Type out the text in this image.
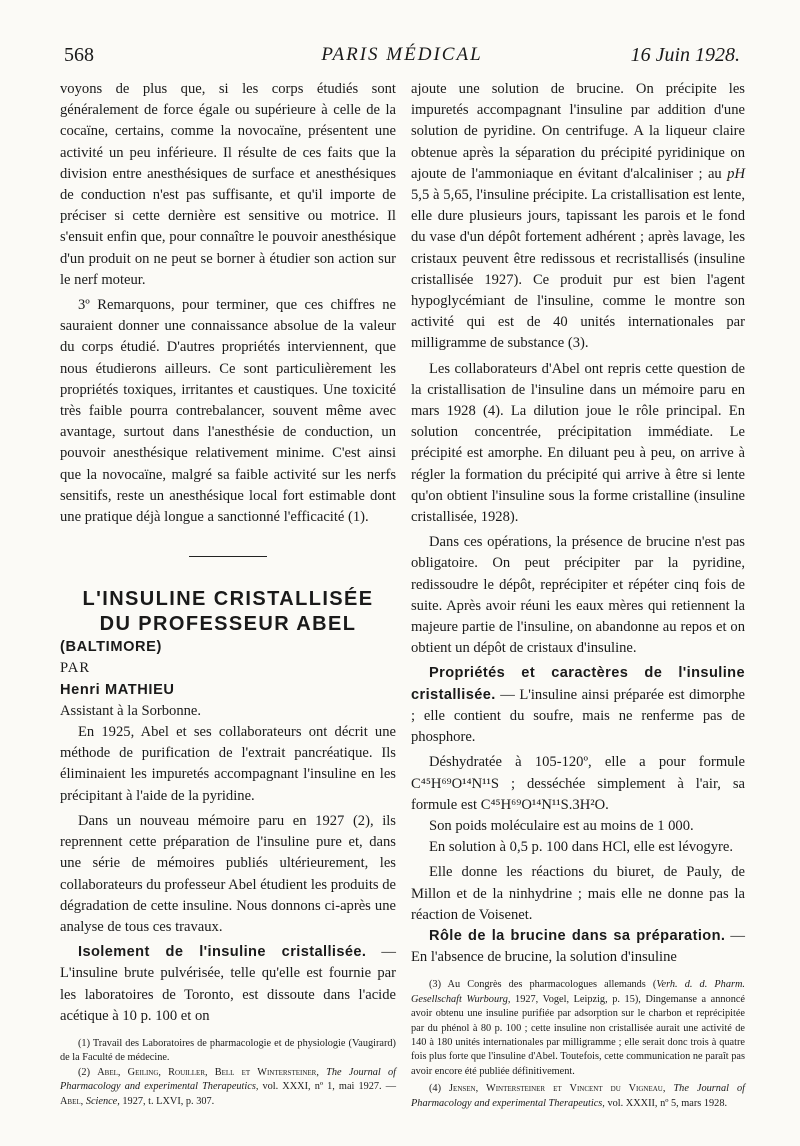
568	PARIS MÉDICAL	16 Juin 1928.

voyons de plus que, si les corps étudiés sont généralement de force égale ou supérieure à celle de la cocaïne, certains, comme la novocaïne, présentent une activité un peu inférieure. Il résulte de ces faits que la division entre anesthésiques de surface et anesthésiques de conduction n'est pas suffisante, et qu'il importe de préciser si cette dernière est sensitive ou motrice. Il s'ensuit enfin que, pour connaître le pouvoir anesthésique d'un produit on ne peut se borner à étudier son action sur le nerf moteur.

3º Remarquons, pour terminer, que ces chiffres ne sauraient donner une connaissance absolue de la valeur du corps étudié. D'autres propriétés interviennent, que nous étudierons ailleurs. Ce sont particulièrement les propriétés toxiques, irritantes et caustiques. Une toxicité très faible pourra contrebalancer, souvent même avec avantage, surtout dans l'anesthésie de conduction, un pouvoir anesthésique relativement minime. C'est ainsi que la novocaïne, malgré sa faible activité sur les nerfs sensitifs, reste un anesthésique local fort estimable dont une pratique déjà longue a sanctionné l'efficacité (1).

L'INSULINE CRISTALLISÉE
DU PROFESSEUR ABEL

(BALTIMORE)

PAR

Henri MATHIEU

Assistant à la Sorbonne.

En 1925, Abel et ses collaborateurs ont décrit une méthode de purification de l'extrait pancréatique. Ils éliminaient les impuretés accompagnant l'insuline en les précipitant à l'aide de la pyridine.

Dans un nouveau mémoire paru en 1927 (2), ils reprennent cette préparation de l'insuline pure et, dans une série de mémoires publiés ultérieurement, les collaborateurs du professeur Abel étudient les produits de dégradation de cette insuline. Nous donnons ci-après une analyse de tous ces travaux.

Isolement de l'insuline cristallisée. — L'insuline brute pulvérisée, telle qu'elle est fournie par les laboratoires de Toronto, est dissoute dans l'acide acétique à 10 p. 100 et on

(1) Travail des Laboratoires de pharmacologie et de physiologie (Vaugirard) de la Faculté de médecine.

(2) Abel, Geiling, Rouiller, Bell et Wintersteiner, The Journal of Pharmacology and experimental Therapeutics, vol. XXXI, nº 1, mai 1927. — Abel, Science, 1927, t. LXVI, p. 307.

ajoute une solution de brucine. On précipite les impuretés accompagnant l'insuline par addition d'une solution de pyridine. On centrifuge. A la liqueur claire obtenue après la séparation du précipité pyridinique on ajoute de l'ammoniaque en évitant d'alcaliniser ; au pH 5,5 à 5,65, l'insuline précipite. La cristallisation est lente, elle dure plusieurs jours, tapissant les parois et le fond du vase d'un dépôt fortement adhérent ; après lavage, les cristaux peuvent être redissous et recristallisés (insuline cristallisée 1927). Ce produit pur est bien l'agent hypoglycémiant de l'insuline, comme le montre son activité qui est de 40 unités internationales par milligramme de substance (3).

Les collaborateurs d'Abel ont repris cette question de la cristallisation de l'insuline dans un mémoire paru en mars 1928 (4). La dilution joue le rôle principal. En solution concentrée, précipitation immédiate. Le précipité est amorphe. En diluant peu à peu, on arrive à régler la formation du précipité qui arrive à être si lente qu'on obtient l'insuline sous la forme cristalline (insuline cristallisée, 1928).

Dans ces opérations, la présence de brucine n'est pas obligatoire. On peut précipiter par la pyridine, redissoudre le dépôt, reprécipiter et répéter cinq fois de suite. Après avoir réuni les eaux mères qui retiennent la majeure partie de l'insuline, on abandonne au repos et on obtient un dépôt de cristaux d'insuline.

Propriétés et caractères de l'insuline cristallisée. — L'insuline ainsi préparée est dimorphe ; elle contient du soufre, mais ne renferme pas de phosphore.

Déshydratée à 105-120º, elle a pour formule C⁴⁵H⁶⁹O¹⁴N¹¹S ; desséchée simplement à l'air, sa formule est C⁴⁵H⁶⁹O¹⁴N¹¹S.3H²O.

Son poids moléculaire est au moins de 1 000.

En solution à 0,5 p. 100 dans HCl, elle est lévogyre.

Elle donne les réactions du biuret, de Pauly, de Millon et de la ninhydrine ; mais elle ne donne pas la réaction de Voisenet.

Rôle de la brucine dans sa préparation. — En l'absence de brucine, la solution d'insuline

(3) Au Congrès des pharmacologues allemands (Verh. d. d. Pharm. Gesellschaft Wurbourg, 1927, Vogel, Leipzig, p. 15), Dingemanse a annoncé avoir obtenu une insuline purifiée par adsorption sur le charbon et reprécipitée par du phénol à 80 p. 100 ; cette insuline non cristallisée aurait une activité de 140 à 180 unités internationales par milligramme ; elle serait donc trois à quatre fois plus forte que l'insuline d'Abel. Toutefois, cette communication ne paraît pas avoir encore été publiée définitivement.

(4) Jensen, Wintersteiner et Vincent du Vigneau, The Journal of Pharmacology and experimental Therapeutics, vol. XXXII, nº 5, mars 1928.
